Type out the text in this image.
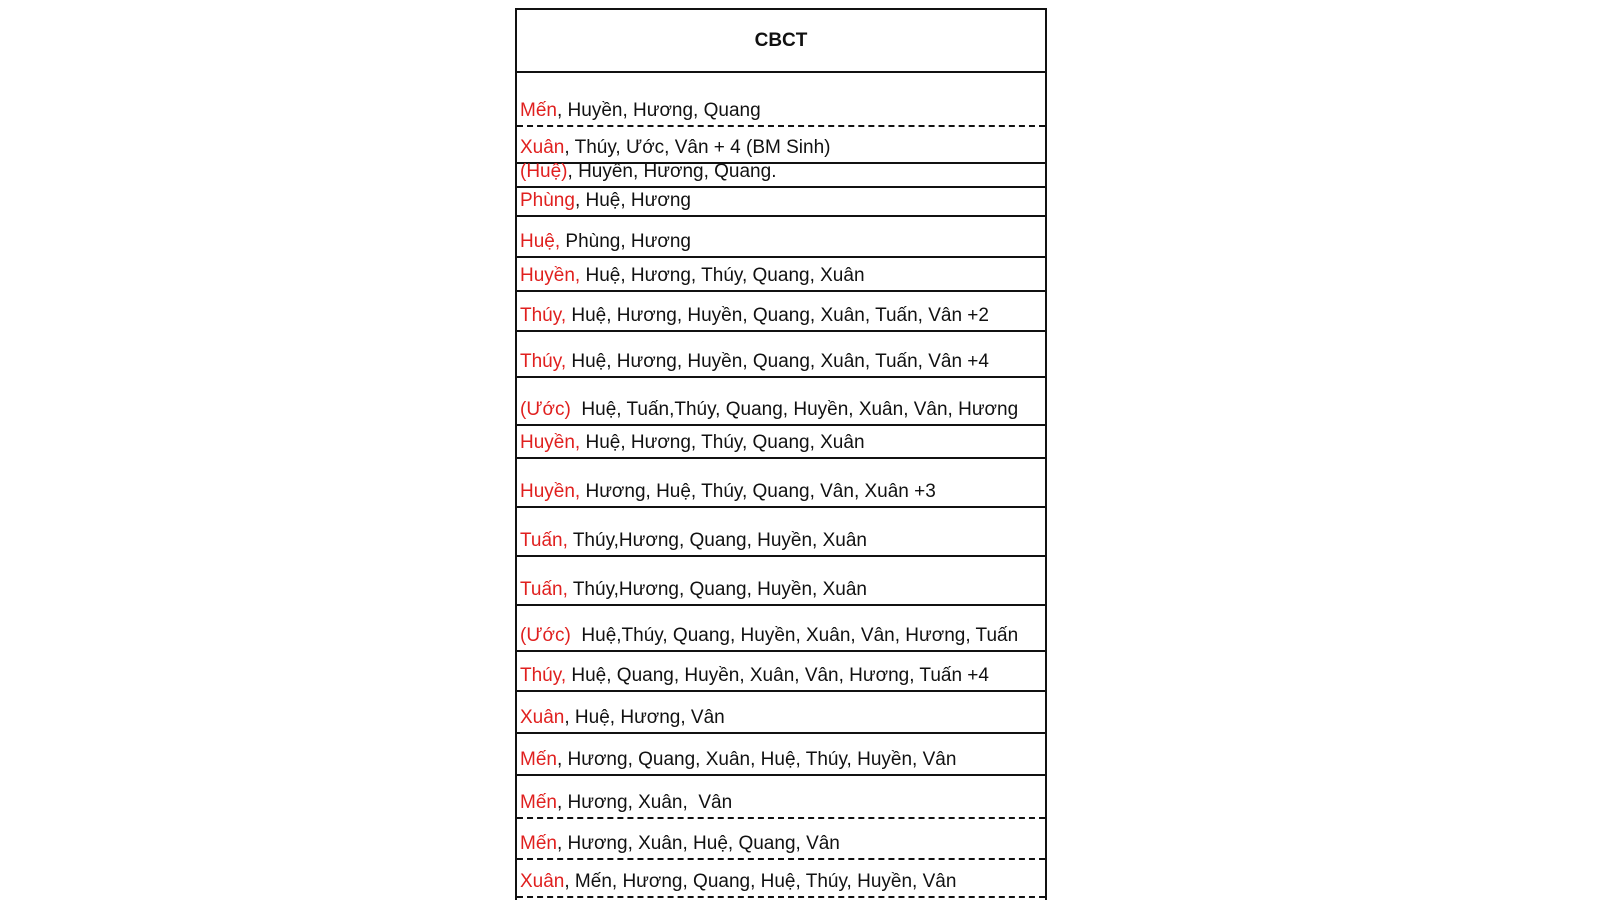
CBCT
Mến , Huyền, Hương, Quang
Xuân , Thúy, Ước, Vân + 4 (BM Sinh)
(Huệ) , Huyền, Hương, Quang.
Phùng , Huệ, Hương
Huệ, Phùng, Hương
Huyền, Huệ, Hương, Thúy, Quang, Xuân
Thúy, Huệ, Hương, Huyền, Quang, Xuân, Tuấn, Vân +2
Thúy, Huệ, Hương, Huyền, Quang, Xuân, Tuấn, Vân +4
(Ước) Huệ, Tuấn,Thúy, Quang, Huyền, Xuân, Vân, Hương
Huyền, Huệ, Hương, Thúy, Quang, Xuân
Huyền, Hương, Huệ, Thúy, Quang, Vân, Xuân +3
Tuấn, Thúy,Hương, Quang, Huyền, Xuân
Tuấn, Thúy,Hương, Quang, Huyền, Xuân
(Ước) Huệ,Thúy, Quang, Huyền, Xuân, Vân, Hương, Tuấn
Thúy, Huệ, Quang, Huyền, Xuân, Vân, Hương, Tuấn +4
Xuân , Huệ, Hương, Vân
Mến , Hương, Quang, Xuân, Huệ, Thúy, Huyền, Vân
Mến , Hương, Xuân,  Vân
Mến , Hương, Xuân, Huệ, Quang, Vân
Xuân , Mến, Hương, Quang, Huệ, Thúy, Huyền, Vân
